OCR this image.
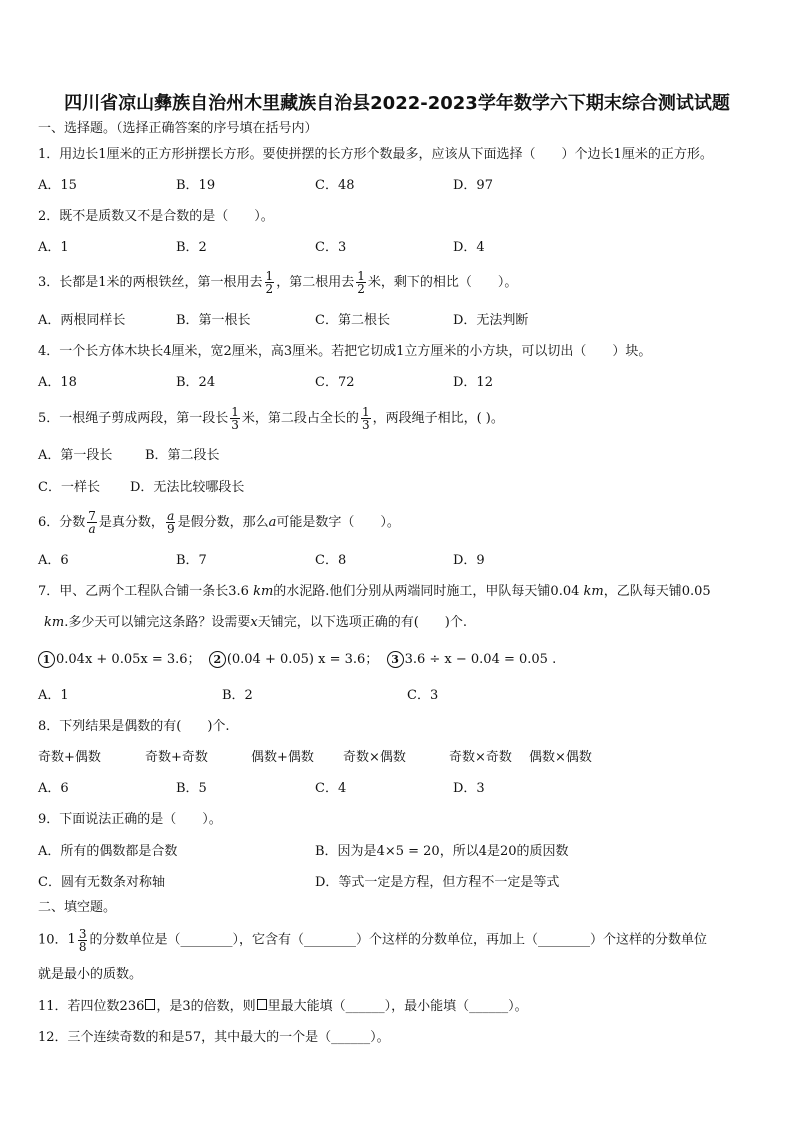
四川省凉山彝族自治州木里藏族自治县2022-2023学年数学六下期末综合测试试题
一、选择题。（选择正确答案的序号填在括号内）
1．用边长1厘米的正方形拼摆长方形。要使拼摆的长方形个数最多，应该从下面选择（　　）个边长1厘米的正方形。
A．15	B．19	C．48	D．97
2．既不是质数又不是合数的是（　　）。
A．1	B．2	C．3	D．4
3．长都是1米的两根铁丝，第一根用去 $\frac{1}{2}$ ，第二根用去 $\frac{1}{2}$ 米，剩下的相比（　　）。
A．两根同样长	B．第一根长	C．第二根长	D．无法判断
4．一个长方体木块长4厘米，宽2厘米，高3厘米。若把它切成1立方厘米的小方块，可以切出（　　）块。
A．18	B．24	C．72	D．12
5．一根绳子剪成两段，第一段长 $\frac{1}{3}$ 米，第二段占全长的 $\frac{1}{3}$ ，两段绳子相比，( )。
A．第一段长	B．第二段长
C．一样长 D．无法比较哪段长
6．分数 $\frac{7}{a}$ 是真分数， $\frac{a}{9}$ 是假分数，那么a可能是数字（　　）。
A．6	B．7	C．8	D．9
7．甲、乙两个工程队合铺一条长3.6 km的水泥路.他们分别从两端同时施工，甲队每天铺0.04 km，乙队每天铺0.05
km.多少天可以铺完这条路？设需要x天铺完，以下选项正确的有(　　)个.
1 0.04x + 0.05x = 3.6； 2 (0.04 + 0.05) x = 3.6； 3 3.6 ÷ x − 0.04 = 0.05 .
A．1	B．2	C．3
8．下列结果是偶数的有(　　)个.
奇数+偶数	奇数+奇数	偶数+偶数 奇数×偶数	奇数×奇数 偶数×偶数
A．6	B．5	C．4	D．3
9．下面说法正确的是（　　）。
A．所有的偶数都是合数	B．因为是4×5 = 20，所以4是20的质因数
C．圆有无数条对称轴	D．等式一定是方程，但方程不一定是等式
二、填空题。
10． $1 \frac{3}{8}$ 的分数单位是（________），它含有（________）个这样的分数单位，再加上（________）个这样的分数单位
就是最小的质数。
11．若四位数236 ，是3的倍数，则 里最大能填（______），最小能填（______）。
12．三个连续奇数的和是57，其中最大的一个是（______）。
